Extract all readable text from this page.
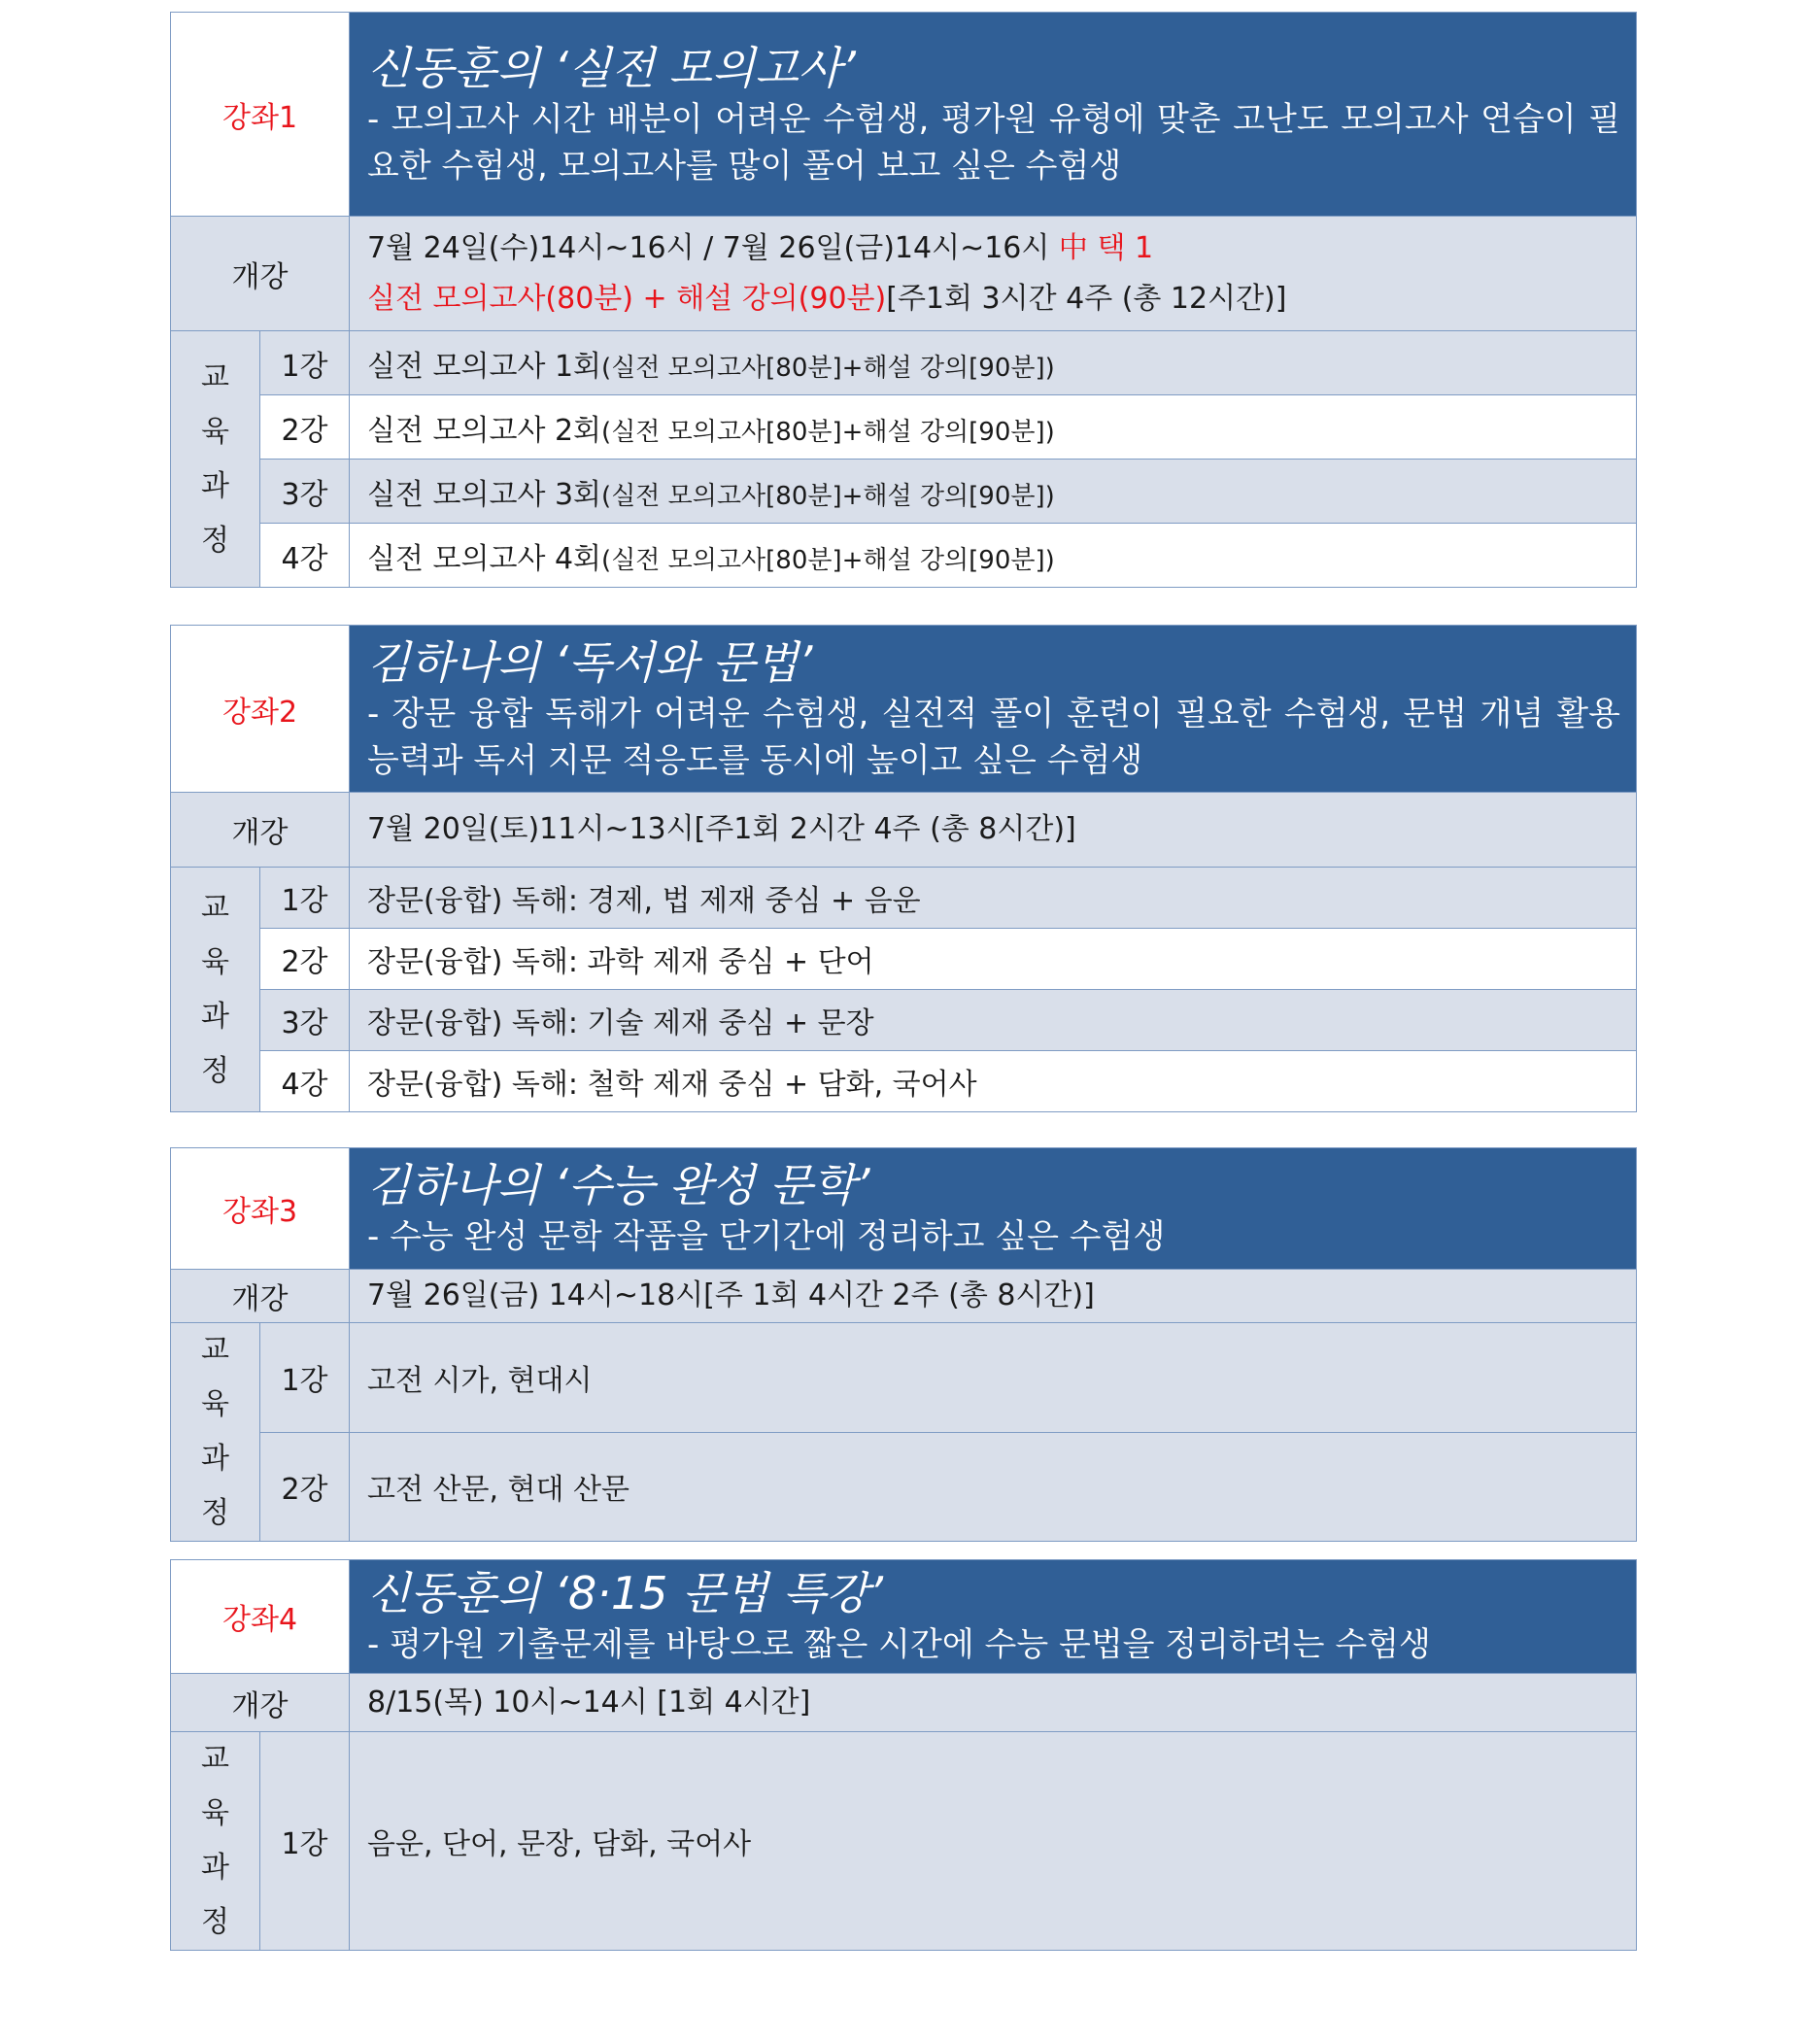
강좌1		신동훈의 ‘실전 모의고사’
- 모의고사 시간 배분이 어려운 수험생, 평가원 유형에 맞춘 고난도 모의고사 연습이 필요한 수험생, 모의고사를 많이 풀어 보고 싶은 수험생

개강		7월 24일(수)14시~16시 / 7월 26일(금)14시~16시 中 택 1
실전 모의고사(80분) + 해설 강의(90분)[주1회 3시간 4주 (총 12시간)]

교
육
과
정	1강	실전 모의고사 1회(실전 모의고사[80분]+해설 강의[90분])
	2강	실전 모의고사 2회(실전 모의고사[80분]+해설 강의[90분])
	3강	실전 모의고사 3회(실전 모의고사[80분]+해설 강의[90분])
	4강	실전 모의고사 4회(실전 모의고사[80분]+해설 강의[90분])
강좌2		김하나의 ‘독서와 문법’
- 장문 융합 독해가 어려운 수험생, 실전적 풀이 훈련이 필요한 수험생, 문법 개념 활용 능력과 독서 지문 적응도를 동시에 높이고 싶은 수험생

개강		7월 20일(토)11시~13시[주1회 2시간 4주 (총 8시간)]

교
육
과
정	1강	장문(융합) 독해: 경제, 법 제재 중심 + 음운
	2강	장문(융합) 독해: 과학 제재 중심 + 단어
	3강	장문(융합) 독해: 기술 제재 중심 + 문장
	4강	장문(융합) 독해: 철학 제재 중심 + 담화, 국어사
강좌3		김하나의 ‘수능 완성 문학’
- 수능 완성 문학 작품을 단기간에 정리하고 싶은 수험생

개강		7월 26일(금) 14시~18시[주 1회 4시간 2주 (총 8시간)]

교
육
과
정	1강	고전 시가, 현대시
	2강	고전 산문, 현대 산문
강좌4		신동훈의 ‘8·15 문법 특강’
- 평가원 기출문제를 바탕으로 짧은 시간에 수능 문법을 정리하려는 수험생

개강		8/15(목) 10시~14시 [1회 4시간]

교
육
과
정	1강	음운, 단어, 문장, 담화, 국어사
